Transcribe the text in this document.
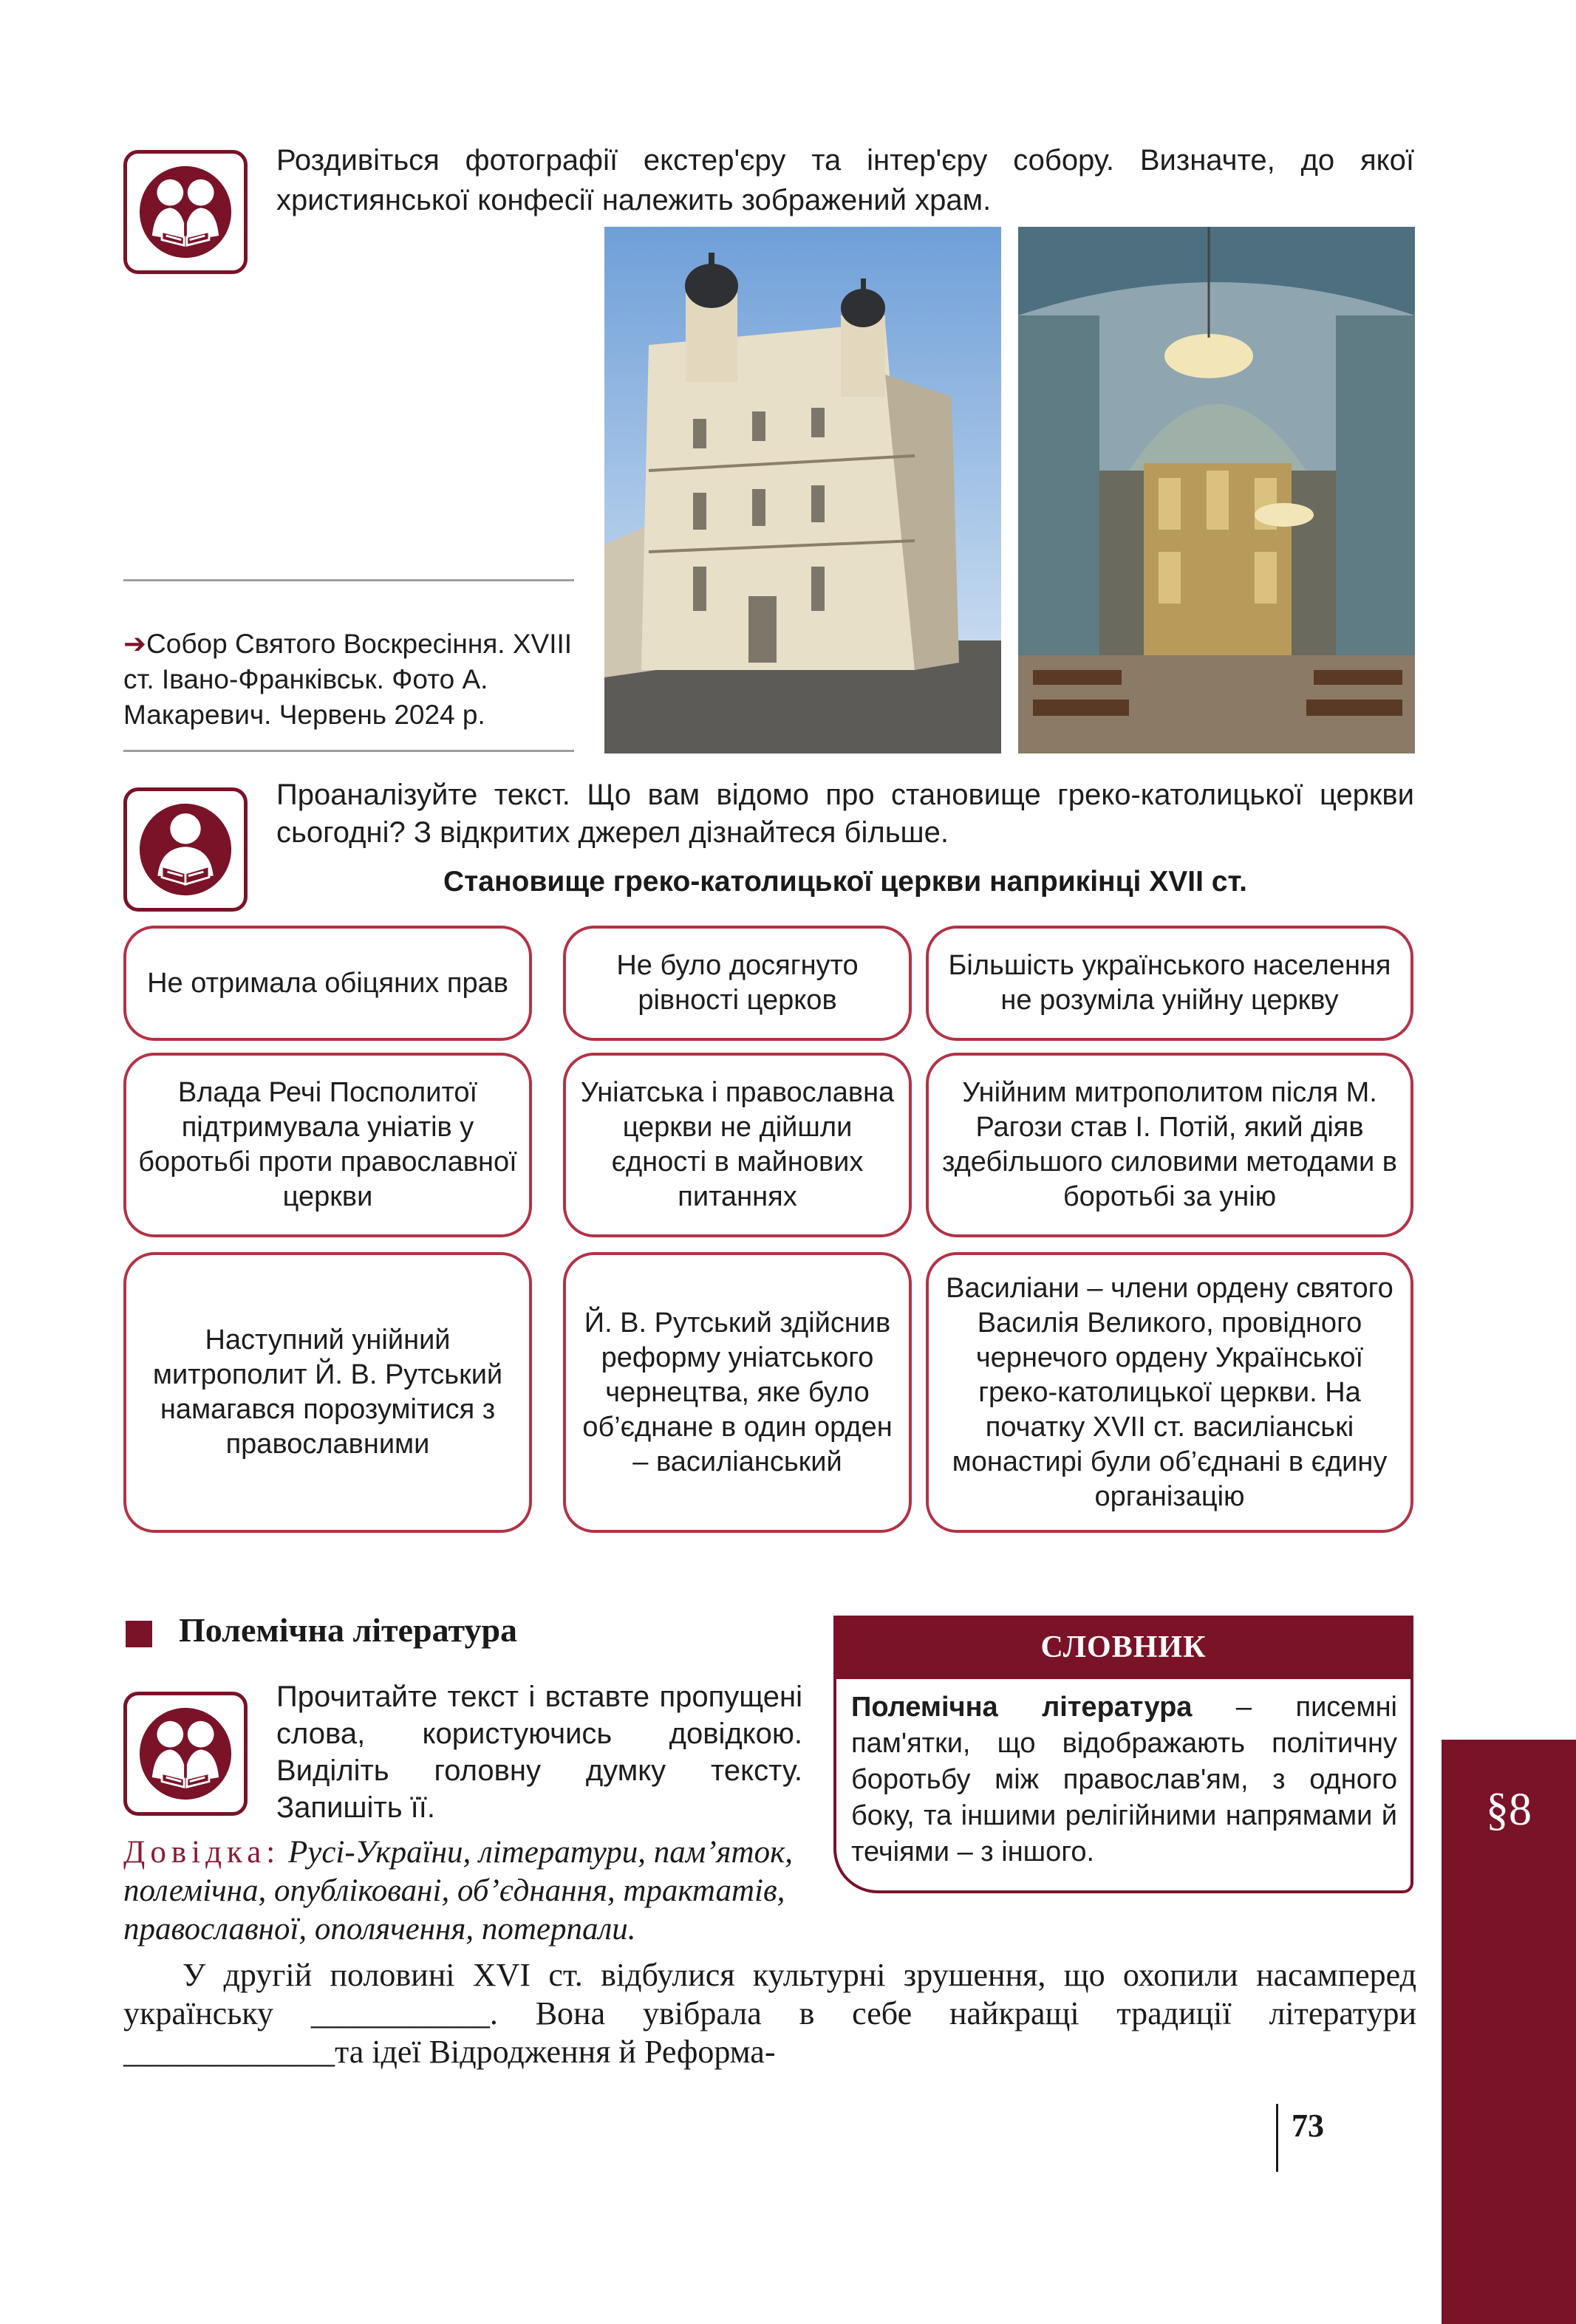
Роздивіться фотографії екстер'єру та інтер'єру собору. Визначте, до якої християнської конфесії належить зображений храм.
➔Собор Святого Воскресіння. XVIII ст. Івано-Франківськ. Фото А. Макаревич. Червень 2024 р.
Проаналізуйте текст. Що вам відомо про становище греко-католицької церкви сьогодні? З відкритих джерел дізнайтеся більше.
Становище греко-католицької церкви наприкінці XVII ст.
Не отримала обіцяних прав
Не було досягнуто рівності церков
Більшість українського населення не розуміла унійну церкву
Влада Речі Посполитої підтримувала уніатів у боротьбі проти православної церкви
Уніатська і православна церкви не дійшли єдності в майнових питаннях
Унійним митрополитом після М. Рагози став І. Потій, який діяв здебільшого силовими методами в боротьбі за унію
Наступний унійний митрополит Й. В. Рутський намагався порозумітися з православними
Й. В. Рутський здійснив реформу уніатського чернецтва, яке було об’єднане в один орден – василіанський
Василіани – члени ордену святого Василія Великого, провідного чернечого ордену Української греко-католицької церкви. На початку XVII ст. василіанські монастирі були об’єднані в єдину організацію
Полемічна література	СЛОВНИК
Полемічна література – писемні пам'ятки, що відображають політичну боротьбу між православ'ям, з одного боку, та іншими релігійними напрямами й течіями – з іншого.
Прочитайте текст і вставте пропущені слова, користуючись довідкою. Виділіть головну думку тексту. Запишіть її.
Довідка: Русі-України, літератури, пам’яток, полемічна, опубліковані, об’єднання, трактатів, православної, ополячення, потерпали.
У другій половині XVI ст. відбулися культурні зрушення, що охопили насамперед українську ___________. Вона увібрала в себе найкращі традиції літератури _____________та ідеї Відродження й Реформа-
73
§8
